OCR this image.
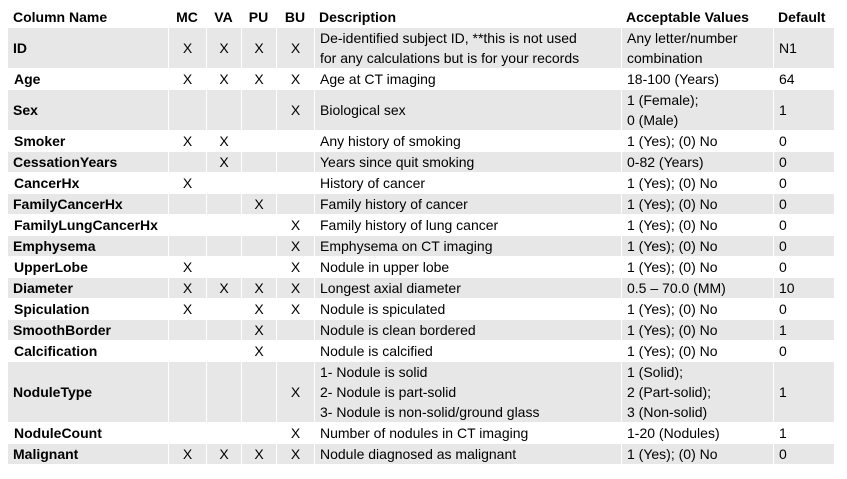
Column Name	MC	VA	PU	BU	Description	Acceptable Values	Default
ID	X	X	X	X	De-identified subject ID, **this is not used
for any calculations but is for your records	Any letter/number
combination	N1
Age	X	X	X	X	Age at CT imaging	18-100 (Years)	64
Sex				X	Biological sex	1 (Female);
0 (Male)	1
Smoker	X	X			Any history of smoking	1 (Yes); (0) No	0
CessationYears		X			Years since quit smoking	0-82 (Years)	0
CancerHx	X				History of cancer	1 (Yes); (0) No	0
FamilyCancerHx			X		Family history of cancer	1 (Yes); (0) No	0
FamilyLungCancerHx				X	Family history of lung cancer	1 (Yes); (0) No	0
Emphysema				X	Emphysema on CT imaging	1 (Yes); (0) No	0
UpperLobe	X			X	Nodule in upper lobe	1 (Yes); (0) No	0
Diameter	X	X	X	X	Longest axial diameter	0.5 – 70.0 (MM)	10
Spiculation	X		X	X	Nodule is spiculated	1 (Yes); (0) No	0
SmoothBorder			X		Nodule is clean bordered	1 (Yes); (0) No	1
Calcification			X		Nodule is calcified	1 (Yes); (0) No	0
NoduleType				X	1- Nodule is solid
2- Nodule is part-solid
3- Nodule is non-solid/ground glass	1 (Solid);
2 (Part-solid);
3 (Non-solid)	1
NoduleCount				X	Number of nodules in CT imaging	1-20 (Nodules)	1
Malignant	X	X	X	X	Nodule diagnosed as malignant	1 (Yes); (0) No	0
